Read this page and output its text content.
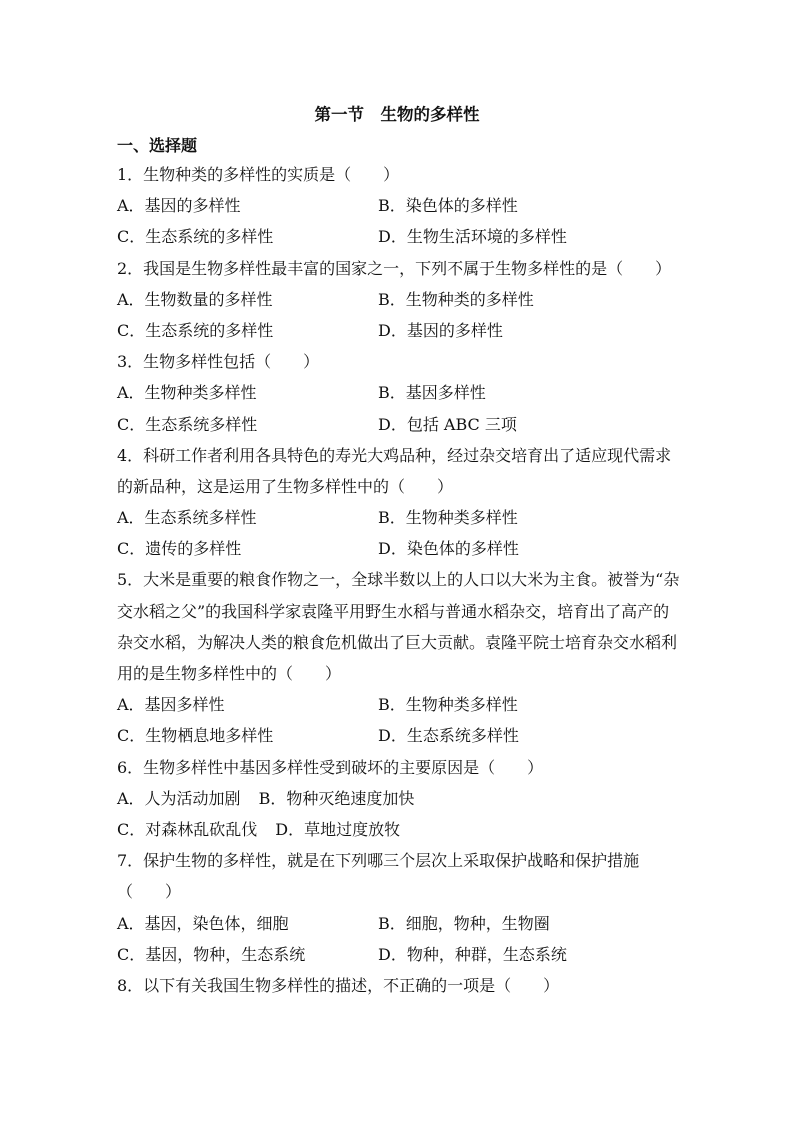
第一节　生物的多样性
一、选择题
1．生物种类的多样性的实质是（　　）
A．基因的多样性	B．染色体的多样性
C．生态系统的多样性	D．生物生活环境的多样性
2．我国是生物多样性最丰富的国家之一，下列不属于生物多样性的是（　　）
A．生物数量的多样性	B．生物种类的多样性
C．生态系统的多样性	D．基因的多样性
3．生物多样性包括（　　）
A．生物种类多样性	B．基因多样性
C．生态系统多样性	D．包括 ABC 三项
4．科研工作者利用各具特色的寿光大鸡品种，经过杂交培育出了适应现代需求
的新品种，这是运用了生物多样性中的（　　）
A．生态系统多样性	B．生物种类多样性
C．遗传的多样性	D．染色体的多样性
5．大米是重要的粮食作物之一，全球半数以上的人口以大米为主食。被誉为“杂
交水稻之父”的我国科学家袁隆平用野生水稻与普通水稻杂交，培育出了高产的
杂交水稻，为解决人类的粮食危机做出了巨大贡献。袁隆平院士培育杂交水稻利
用的是生物多样性中的（　　）
A．基因多样性	B．生物种类多样性
C．生物栖息地多样性	D．生态系统多样性
6．生物多样性中基因多样性受到破坏的主要原因是（　　）
A．人为活动加剧 B．物种灭绝速度加快
C．对森林乱砍乱伐 D．草地过度放牧
7．保护生物的多样性，就是在下列哪三个层次上采取保护战略和保护措施
（　　）
A．基因，染色体，细胞	B．细胞，物种，生物圈
C．基因，物种，生态系统	D．物种，种群，生态系统
8．以下有关我国生物多样性的描述，不正确的一项是（　　）
